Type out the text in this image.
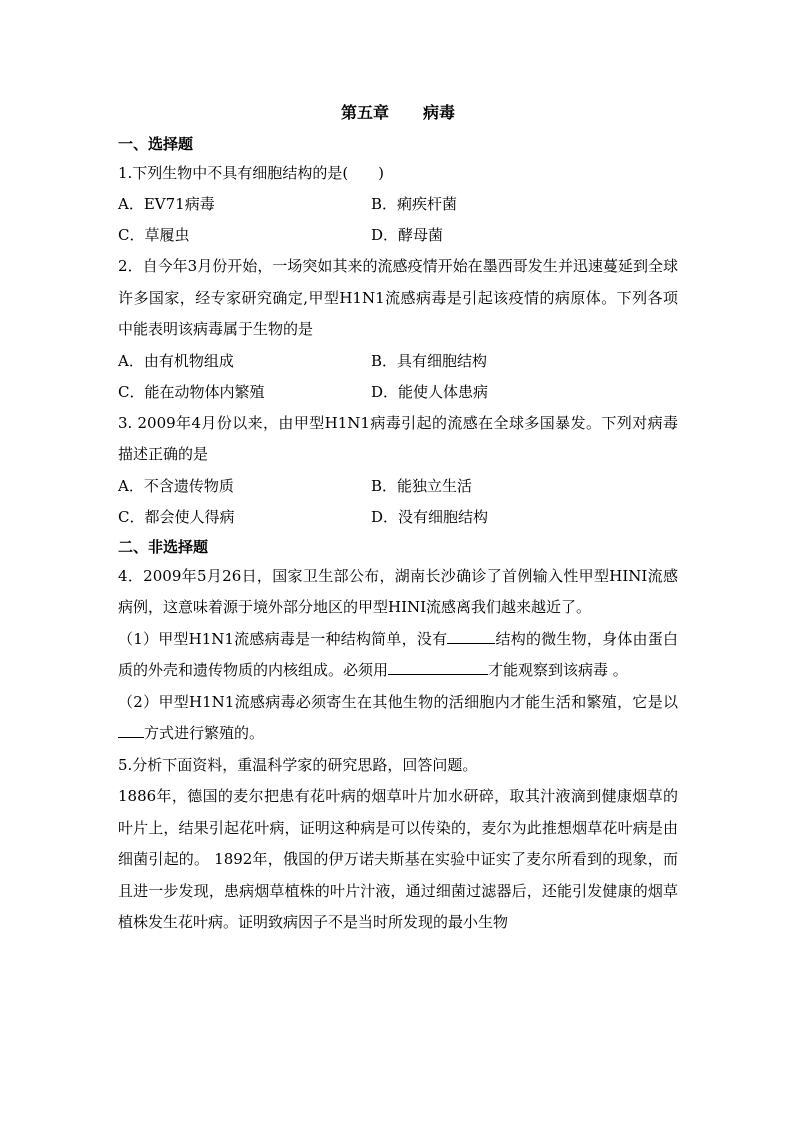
第五章 病毒
一、选择题
1.下列生物中不具有细胞结构的是(　　)
A．EV71病毒	B．痢疾杆菌
C．草履虫	D．酵母菌
2．自今年3月份开始，一场突如其来的流感疫情开始在墨西哥发生并迅速蔓延到全球许多国家，经专家研究确定,甲型H1N1流感病毒是引起该疫情的病原体。下列各项中能表明该病毒属于生物的是
A．由有机物组成	B．具有细胞结构
C．能在动物体内繁殖	D．能使人体患病
3. 2009年4月份以来，由甲型H1N1病毒引起的流感在全球多国暴发。下列对病毒描述正确的是
A．不含遗传物质	B．能独立生活
C．都会使人得病	D．没有细胞结构
二、非选择题
4．2009年5月26日，国家卫生部公布，湖南长沙确诊了首例输入性甲型HINI流感病例，这意味着源于境外部分地区的甲型HINI流感离我们越来越近了。
（1）甲型H1N1流感病毒是一种结构简单，没有	结构的微生物，身体由蛋白质的外壳和遗传物质的内核组成。必须用	才能观察到该病毒 。
（2）甲型H1N1流感病毒必须寄生在其他生物的活细胞内才能生活和繁殖，它是以方式进行繁殖的。
5.分析下面资料，重温科学家的研究思路，回答问题。
1886年，德国的麦尔把患有花叶病的烟草叶片加水研碎，取其汁液滴到健康烟草的叶片上，结果引起花叶病，证明这种病是可以传染的，麦尔为此推想烟草花叶病是由细菌引起的。 1892年，俄国的伊万诺夫斯基在实验中证实了麦尔所看到的现象，而且进一步发现，患病烟草植株的叶片汁液，通过细菌过滤器后，还能引发健康的烟草植株发生花叶病。证明致病因子不是当时所发现的最小生物
